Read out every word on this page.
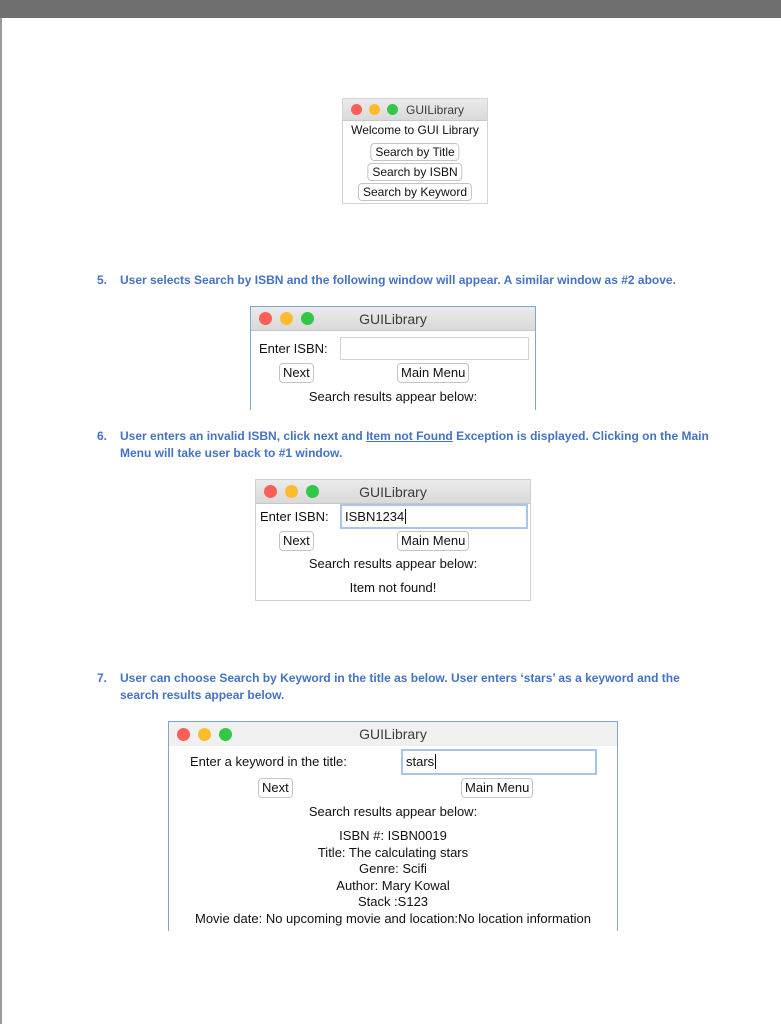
GUILibrary
Welcome to GUI Library
Search by Title
Search by ISBN
Search by Keyword
5. User selects Search by ISBN and the following window will appear. A similar window as #2 above.
GUILibrary
Enter ISBN:
Next	Main Menu
Search results appear below:
6. User enters an invalid ISBN, click next and Item not Found Exception is displayed. Clicking on the Main
Menu will take user back to #1 window.
GUILibrary
Enter ISBN:	ISBN1234
Next	Main Menu
Search results appear below:
Item not found!
7. User can choose Search by Keyword in the title as below. User enters ‘stars’ as a keyword and the
search results appear below.
GUILibrary
Enter a keyword in the title:	stars
Next	Main Menu
Search results appear below:
ISBN #: ISBN0019
Title: The calculating stars
Genre: Scifi
Author: Mary Kowal
Stack :S123
Movie date: No upcoming movie and location:No location information
